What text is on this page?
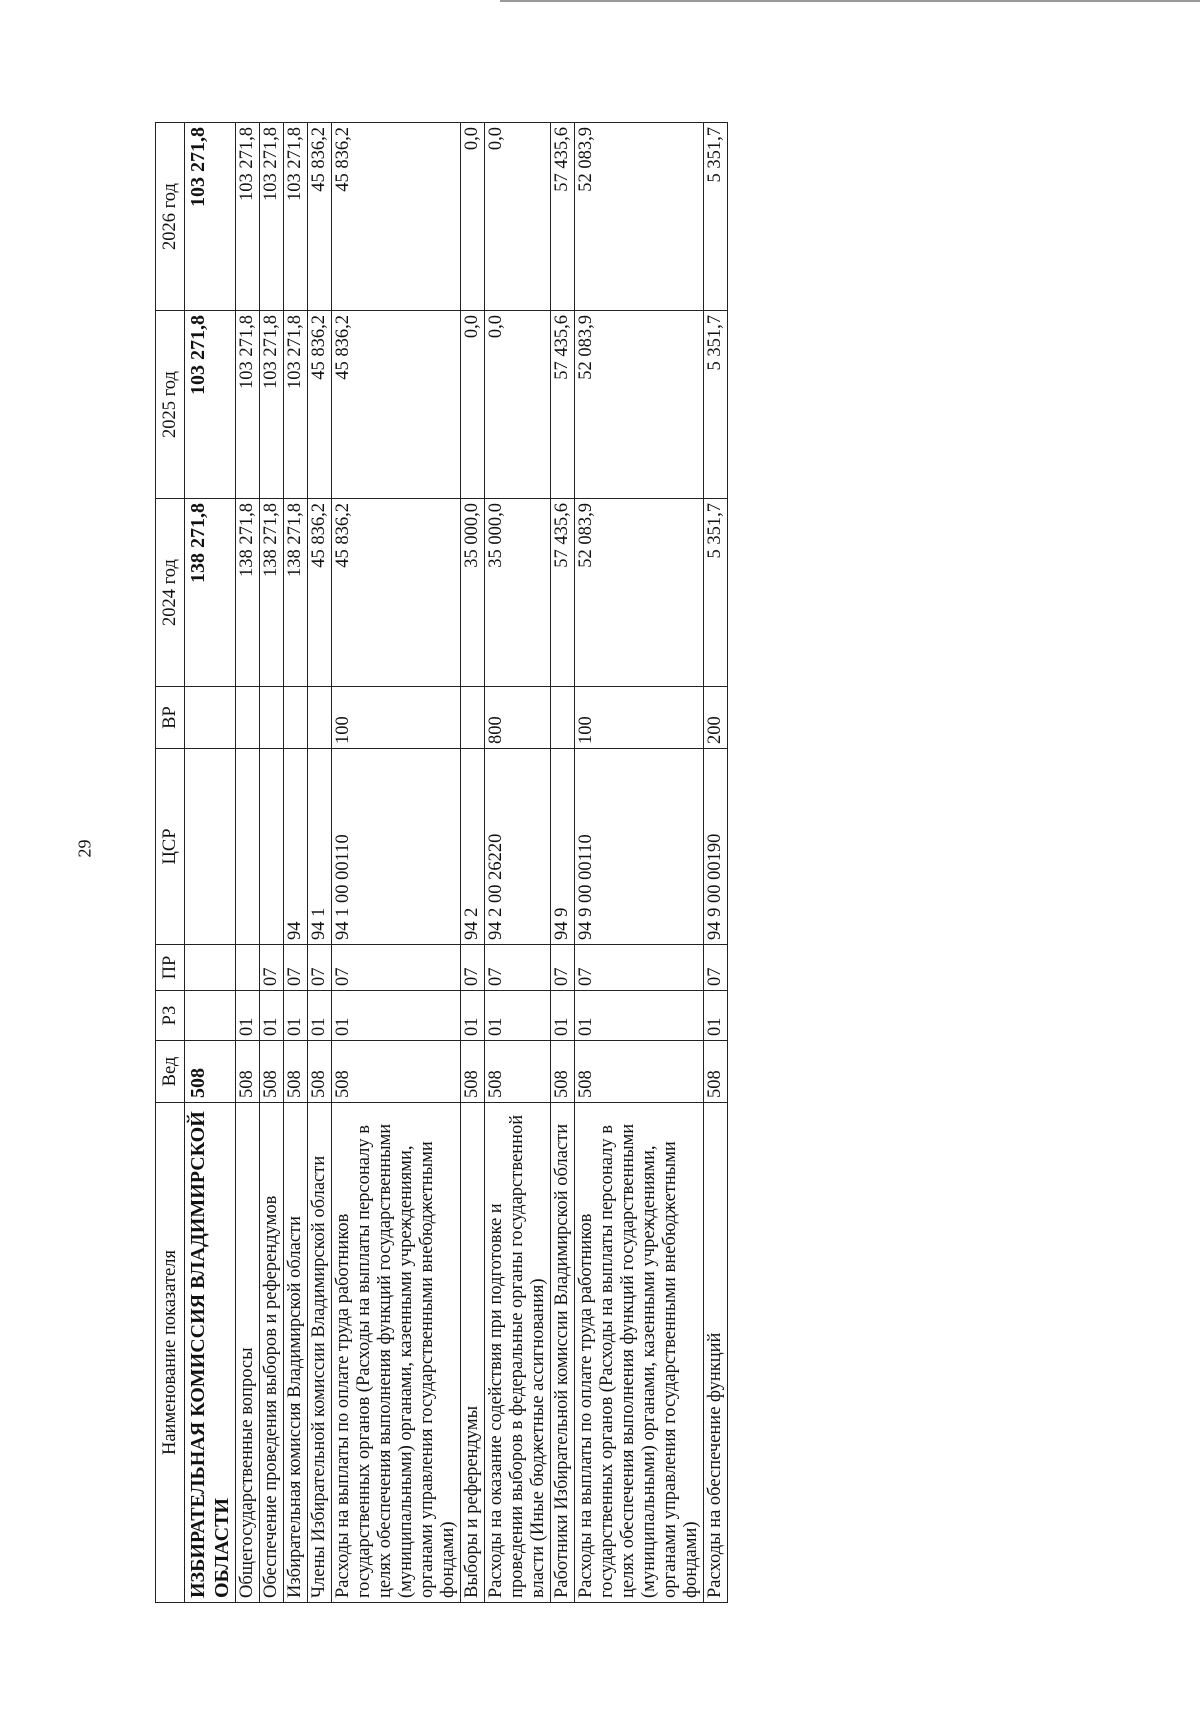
29
Наименование показателя	Вед	РЗ	ПР	ЦСР	ВР	2024 год	2025 год	2026 год
ИЗБИРАТЕЛЬНАЯ КОМИССИЯ ВЛАДИМИРСКОЙ ОБЛАСТИ	508					138 271,8	103 271,8	103 271,8
Общегосударственные вопросы	508	01				138 271,8	103 271,8	103 271,8
Обеспечение проведения выборов и референдумов	508	01	07			138 271,8	103 271,8	103 271,8
Избирательная комиссия Владимирской области	508	01	07	94		138 271,8	103 271,8	103 271,8
Члены Избирательной комиссии Владимирской области	508	01	07	94 1		45 836,2	45 836,2	45 836,2
Расходы на выплаты по оплате труда работников государственных органов (Расходы на выплаты персоналу в целях обеспечения выполнения функций государственными (муниципальными) органами, казенными учреждениями, органами управления государственными внебюджетными фондами)	508	01	07	94 1 00 00110	100	45 836,2	45 836,2	45 836,2
Выборы и референдумы	508	01	07	94 2		35 000,0	0,0	0,0
Расходы на оказание содействия при подготовке и проведении выборов в федеральные органы государственной власти (Иные бюджетные ассигнования)	508	01	07	94 2 00 26220	800	35 000,0	0,0	0,0
Работники Избирательной комиссии Владимирской области	508	01	07	94 9		57 435,6	57 435,6	57 435,6
Расходы на выплаты по оплате труда работников государственных органов (Расходы на выплаты персоналу в целях обеспечения выполнения функций государственными (муниципальными) органами, казенными учреждениями, органами управления государственными внебюджетными фондами)	508	01	07	94 9 00 00110	100	52 083,9	52 083,9	52 083,9
Расходы на обеспечение функций	508	01	07	94 9 00 00190	200	5 351,7	5 351,7	5 351,7
